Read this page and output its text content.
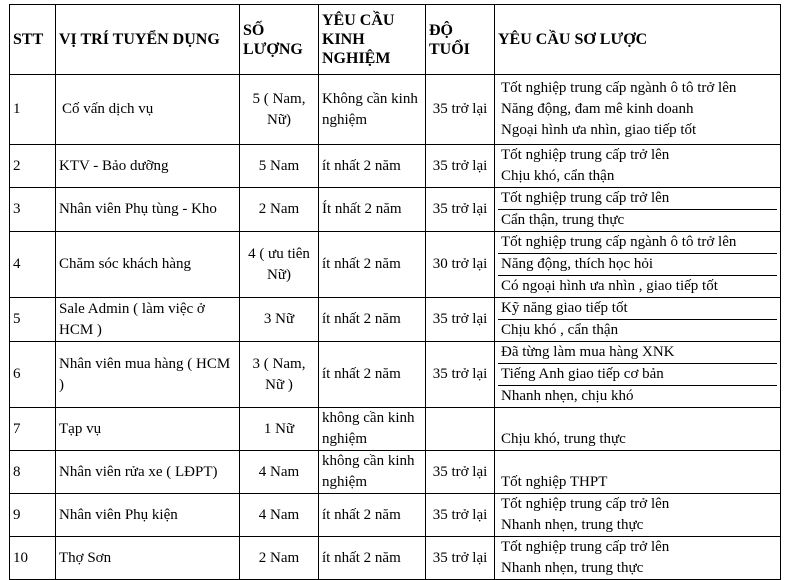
STT	VỊ TRÍ TUYỂN DỤNG	SỐ LƯỢNG	YÊU CẦU KINH NGHIỆM	ĐỘ TUỔI	YÊU CẦU SƠ LƯỢC
1	Cố vấn dịch vụ	5 ( Nam, Nữ)	Không cần kinh nghiệm	35 trở lại	Tốt nghiệp trung cấp ngành ô tô trở lên
Năng động, đam mê kinh doanh
Ngoại hình ưa nhìn, giao tiếp tốt

2	KTV - Bảo dưỡng	5 Nam	ít nhất 2 năm	35 trở lại	Tốt nghiệp trung cấp trở lên
Chịu khó, cẩn thận

3	Nhân viên Phụ tùng - Kho	2 Nam	Ít nhất 2 năm	35 trở lại	Tốt nghiệp trung cấp trở lên
Cẩn thận, trung thực

4	Chăm sóc khách hàng	4 ( ưu tiên Nữ)	ít nhất 2 năm	30 trở lại	Tốt nghiệp trung cấp ngành ô tô trở lên
Năng động, thích học hỏi
Có ngoại hình ưa nhìn , giao tiếp tốt

5	Sale Admin ( làm việc ở HCM )	3 Nữ	ít nhất 2 năm	35 trở lại	Kỹ năng giao tiếp tốt
Chịu khó , cẩn thận

6	Nhân viên mua hàng ( HCM )	3 ( Nam, Nữ )	ít nhất 2 năm	35 trở lại	Đã từng làm mua hàng XNK
Tiếng Anh giao tiếp cơ bản
Nhanh nhẹn, chịu khó

7	Tạp vụ	1 Nữ	không cần kinh nghiệm		Chịu khó, trung thực

8	Nhân viên rửa xe ( LĐPT)	4 Nam	không cần kinh nghiệm	35 trở lại	Tốt nghiệp THPT

9	Nhân viên Phụ kiện	4 Nam	ít nhất 2 năm	35 trở lại	Tốt nghiệp trung cấp trở lên
Nhanh nhẹn, trung thực

10	Thợ Sơn	2 Nam	ít nhất 2 năm	35 trở lại	Tốt nghiệp trung cấp trở lên
Nhanh nhẹn, trung thực
